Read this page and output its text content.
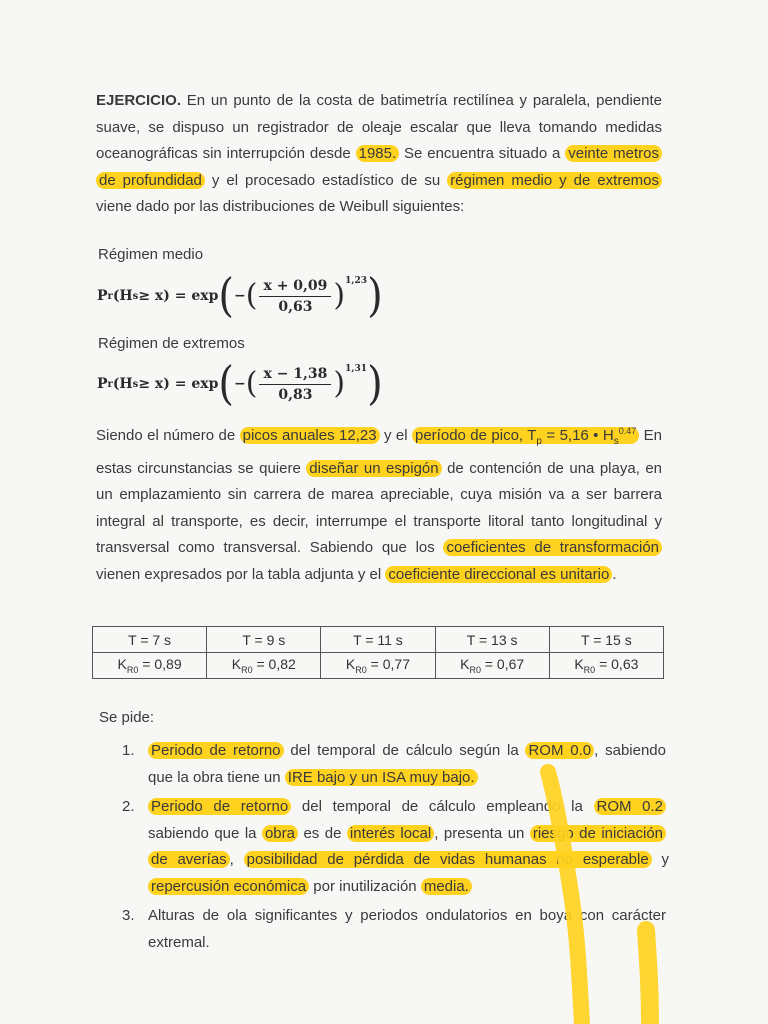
EJERCICIO. En un punto de la costa de batimetría rectilínea y paralela, pendiente suave, se dispuso un registrador de oleaje escalar que lleva tomando medidas oceanográficas sin interrupción desde 1985. Se encuentra situado a veinte metros de profundidad y el procesado estadístico de su régimen medio y de extremos viene dado por las distribuciones de Weibull siguientes:
Régimen medio
P r (H s ≥ x) = exp ( − ( $\frac{x + 0,09}{0,63}$ ) 1,23 )
Régimen de extremos
P r (H s ≥ x) = exp ( − ( $\frac{x - 1,38}{0,83}$ ) 1,31 )
Siendo el número de picos anuales 12,23 y el período de pico, $T_p = 5,16$ • $H_s^{0.47}$ En estas circunstancias se quiere diseñar un espigón de contención de una playa, en un emplazamiento sin carrera de marea apreciable, cuya misión va a ser barrera integral al transporte, es decir, interrumpe el transporte litoral tanto longitudinal y transversal como transversal. Sabiendo que los coeficientes de transformación vienen expresados por la tabla adjunta y el coeficiente direccional es unitario .
T = 7 s	T = 9 s	T = 11 s	T = 13 s	T = 15 s
$K_{R0} = 0,89$	$K_{R0} = 0,82$	$K_{R0} = 0,77$	$K_{R0} = 0,67$	$K_{R0} = 0,63$
Se pide:
1. Periodo de retorno del temporal de cálculo según la ROM 0.0 , sabiendo que la obra tiene un IRE bajo y un ISA muy bajo.
2. Periodo de retorno del temporal de cálculo empleando la ROM 0.2 sabiendo que la obra es de interés local , presenta un riesgo de iniciación de averías , posibilidad de pérdida de vidas humanas no esperable y repercusión económica por inutilización media.
3. Alturas de ola significantes y periodos ondulatorios en boya con carácter extremal.
